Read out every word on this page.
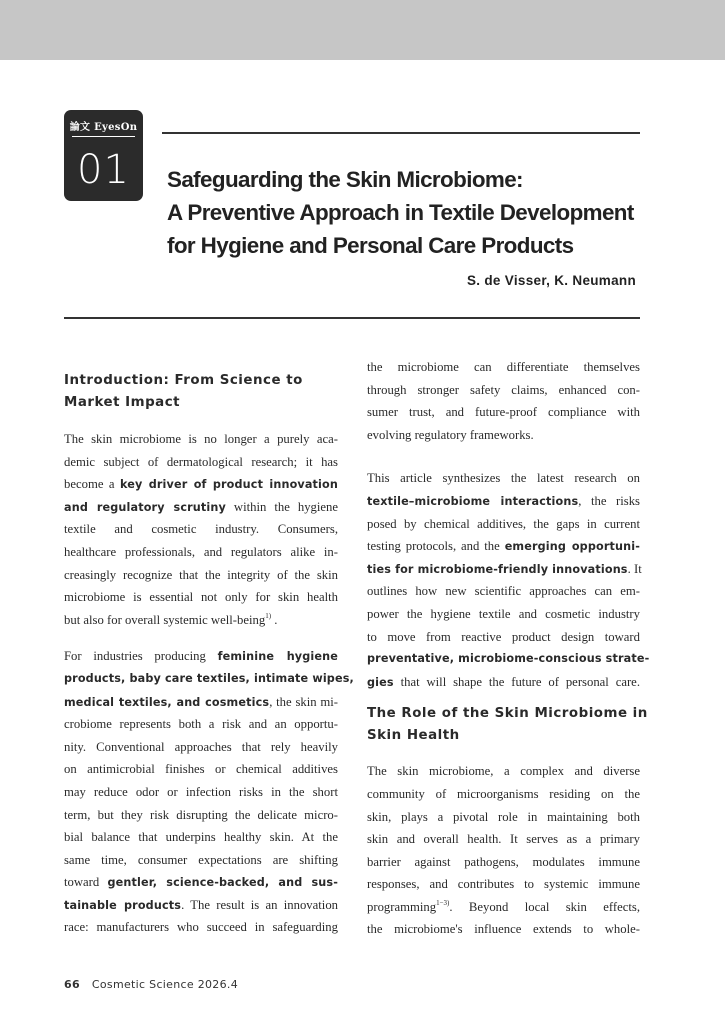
論文 EyesOn
01	Safeguarding the Skin Microbiome:
A Preventive Approach in Textile Development
for Hygiene and Personal Care Products
S. de Visser, K. Neumann
Introduction: From Science to
Market Impact
The skin microbiome is no longer a purely aca-
demic subject of dermatological research; it has
become a key driver of product innovation
and regulatory scrutiny within the hygiene
textile and cosmetic industry. Consumers,
healthcare professionals, and regulators alike in-
creasingly recognize that the integrity of the skin
microbiome is essential not only for skin health
but also for overall systemic well-being$^{1)}$ .
For industries producing feminine hygiene
products, baby care textiles, intimate wipes,
medical textiles, and cosmetics, the skin mi-
crobiome represents both a risk and an opportu-
nity. Conventional approaches that rely heavily
on antimicrobial finishes or chemical additives
may reduce odor or infection risks in the short
term, but they risk disrupting the delicate micro-
bial balance that underpins healthy skin. At the
same time, consumer expectations are shifting
toward gentler, science-backed, and sus-
tainable products. The result is an innovation
race: manufacturers who succeed in safeguarding
the microbiome can differentiate themselves
through stronger safety claims, enhanced con-
sumer trust, and future-proof compliance with
evolving regulatory frameworks.
This article synthesizes the latest research on
textile–microbiome interactions, the risks
posed by chemical additives, the gaps in current
testing protocols, and the emerging opportuni-
ties for microbiome-friendly innovations. It
outlines how new scientific approaches can em-
power the hygiene textile and cosmetic industry
to move from reactive product design toward
preventative, microbiome-conscious strate-
gies that will shape the future of personal care.
The Role of the Skin Microbiome in
Skin Health
The skin microbiome, a complex and diverse
community of microorganisms residing on the
skin, plays a pivotal role in maintaining both
skin and overall health. It serves as a primary
barrier against pathogens, modulates immune
responses, and contributes to systemic immune
programming$^{1-3)}$. Beyond local skin effects,
the microbiome's influence extends to whole-
66 Cosmetic Science 2026.4
